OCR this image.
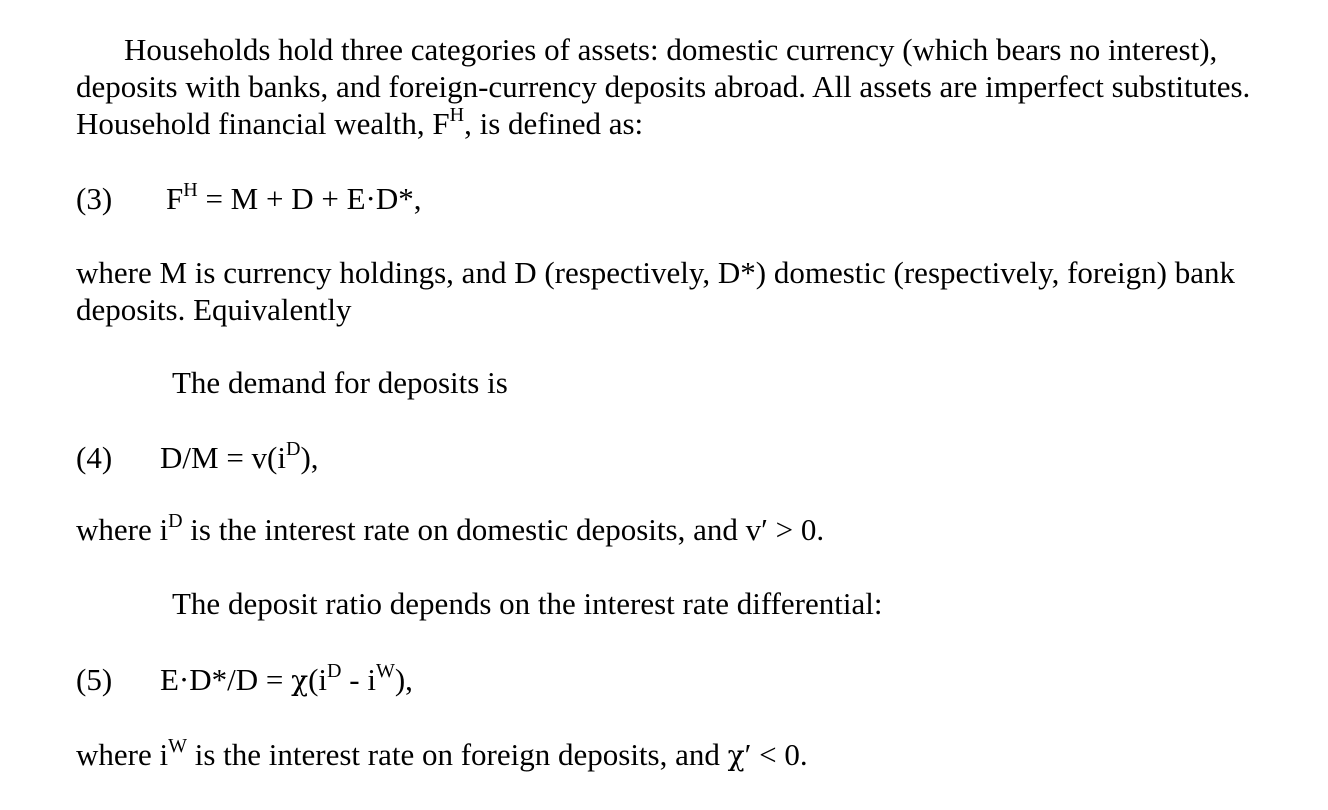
Households hold three categories of assets: domestic currency (which bears no interest),
deposits with banks, and foreign-currency deposits abroad. All assets are imperfect substitutes.
Household financial wealth, $F^H$, is defined as:
(3) $F^H = M + D + E\cdot D*$,
where M is currency holdings, and D (respectively, D*) domestic (respectively, foreign) bank
deposits. Equivalently
The demand for deposits is
(4) $D/M = v(i^D)$,
where $i^D$ is the interest rate on domestic deposits, and v′ > 0.
The deposit ratio depends on the interest rate differential:
(5) $E\cdot D*/D = \chi(i^D - i^W)$,
where $i^W$ is the interest rate on foreign deposits, and χ′ < 0.
